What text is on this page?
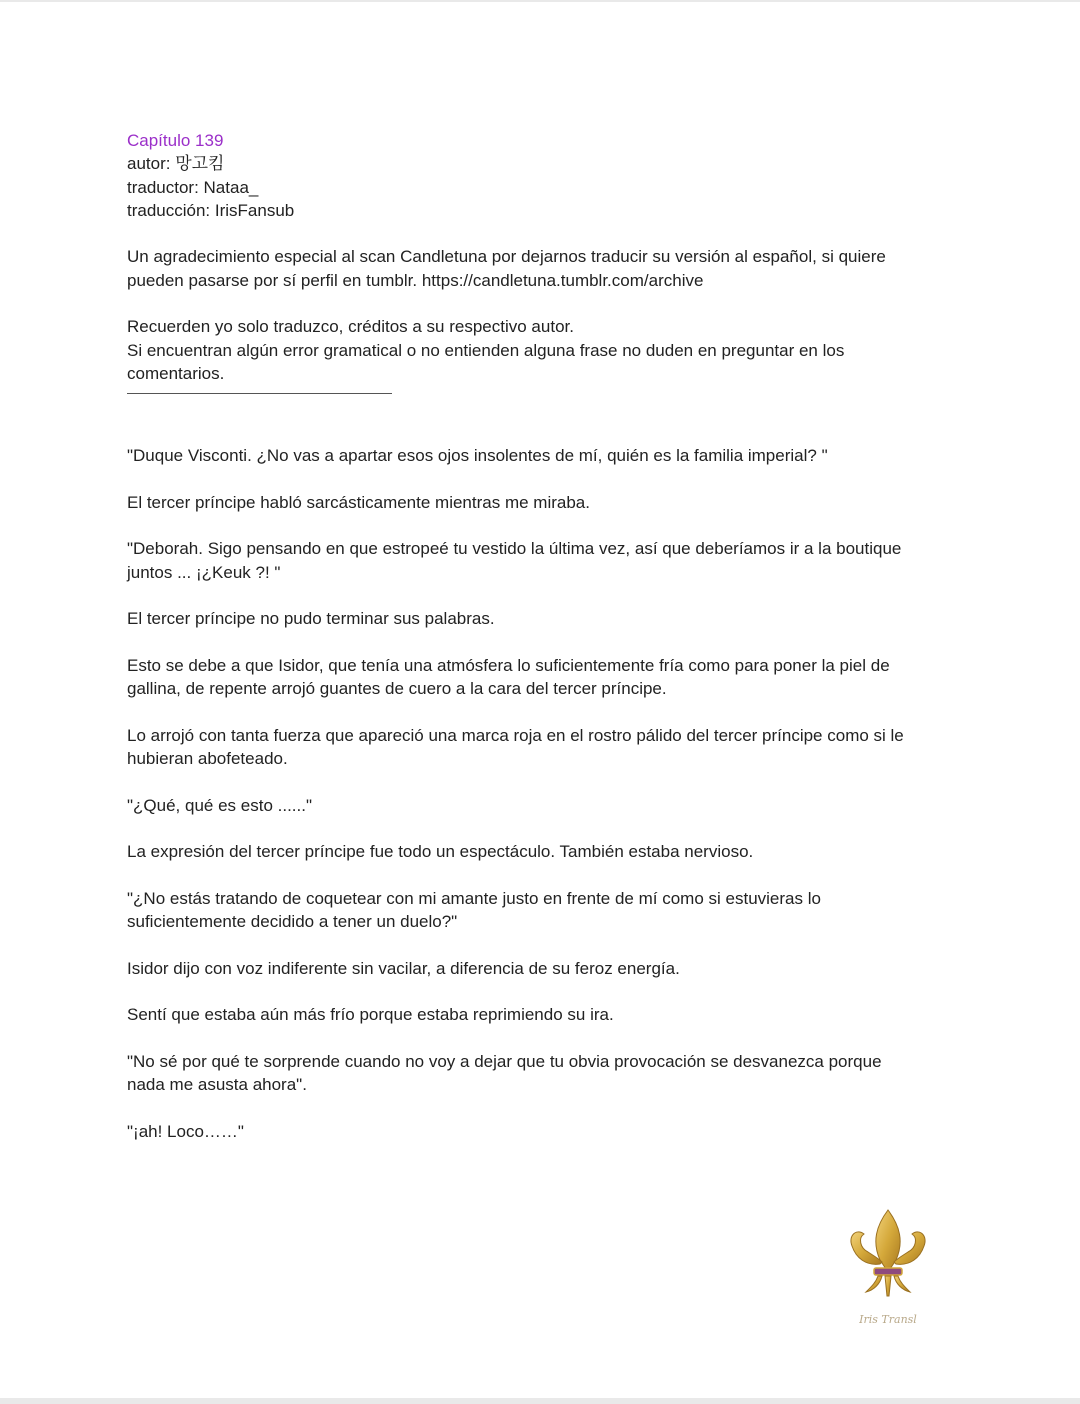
Capítulo 139
autor: 망고킴
traductor: Nataa_
traducción: IrisFansub
Un agradecimiento especial al scan Candletuna por dejarnos traducir su versión al español, si quiere
pueden pasarse por sí perfil en tumblr. https://candletuna.tumblr.com/archive
Recuerden yo solo traduzco, créditos a su respectivo autor.
Si encuentran algún error gramatical o no entienden alguna frase no duden en preguntar en los
comentarios.
"Duque Visconti. ¿No vas a apartar esos ojos insolentes de mí, quién es la familia imperial? "
El tercer príncipe habló sarcásticamente mientras me miraba.
"Deborah. Sigo pensando en que estropeé tu vestido la última vez, así que deberíamos ir a la boutique
juntos ... ¡¿Keuk ?! "
El tercer príncipe no pudo terminar sus palabras.
Esto se debe a que Isidor, que tenía una atmósfera lo suficientemente fría como para poner la piel de
gallina, de repente arrojó guantes de cuero a la cara del tercer príncipe.
Lo arrojó con tanta fuerza que apareció una marca roja en el rostro pálido del tercer príncipe como si le
hubieran abofeteado.
"¿Qué, qué es esto ......"
La expresión del tercer príncipe fue todo un espectáculo. También estaba nervioso.
"¿No estás tratando de coquetear con mi amante justo en frente de mí como si estuvieras lo
suficientemente decidido a tener un duelo?"
Isidor dijo con voz indiferente sin vacilar, a diferencia de su feroz energía.
Sentí que estaba aún más frío porque estaba reprimiendo su ira.
"No sé por qué te sorprende cuando no voy a dejar que tu obvia provocación se desvanezca porque
nada me asusta ahora".
"¡ah! Loco……"
Iris Transl
